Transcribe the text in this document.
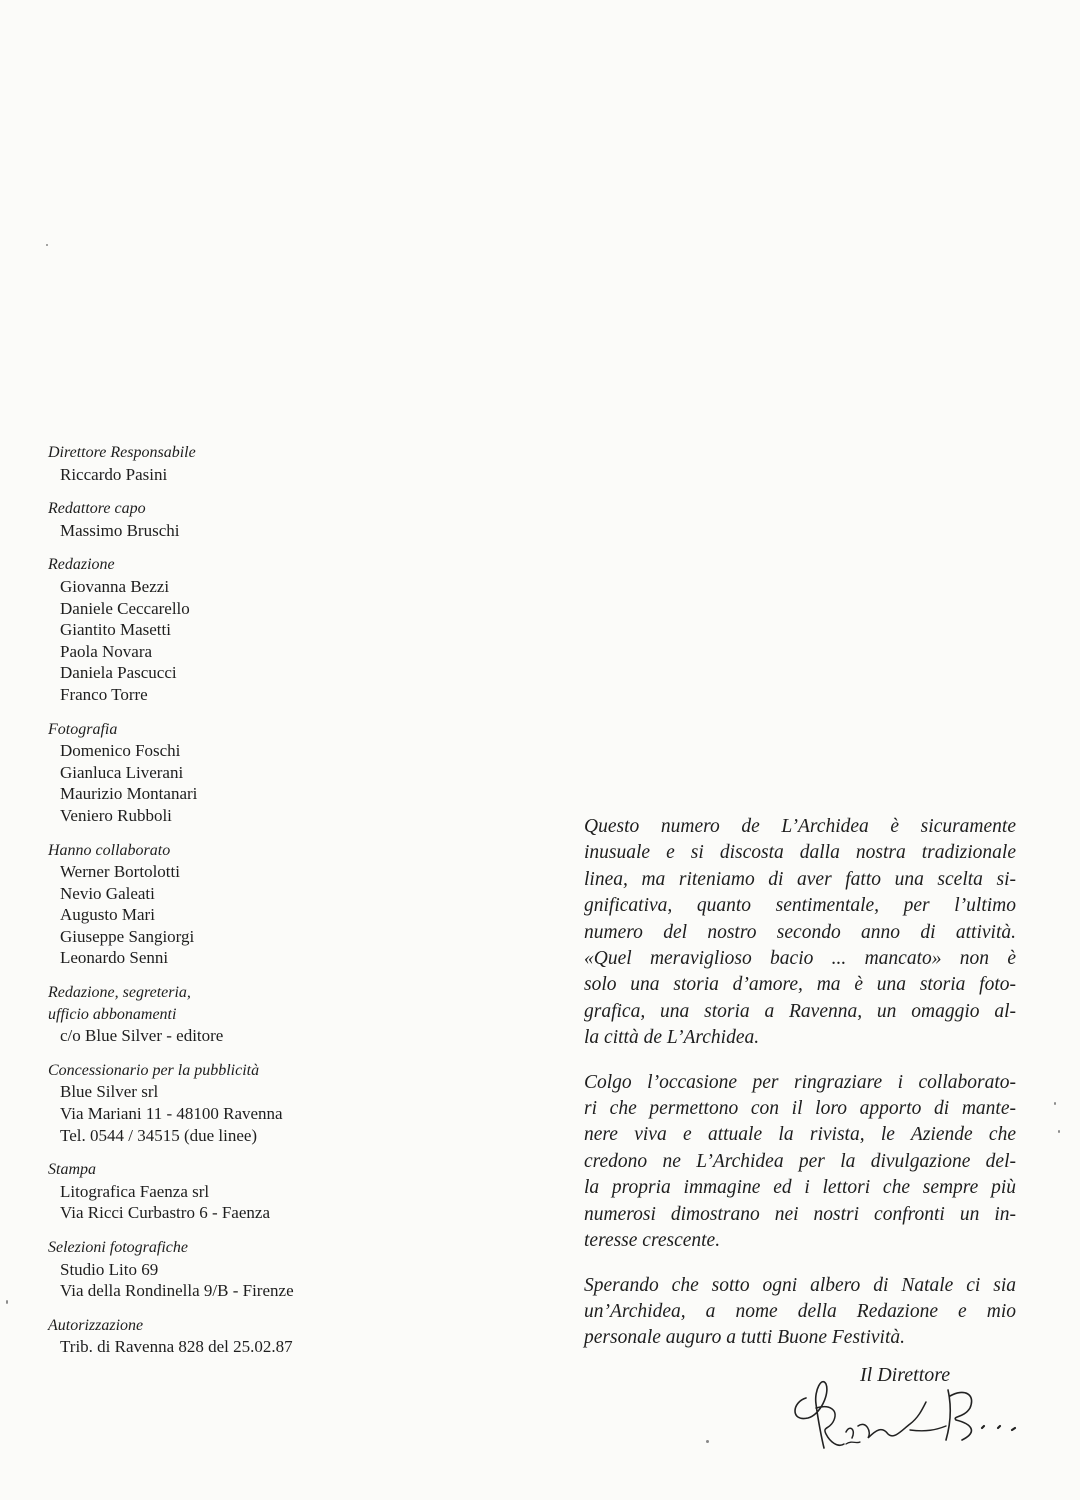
Direttore Responsabile

Riccardo Pasini

Redattore capo

Massimo Bruschi

Redazione

Giovanna Bezzi

Daniele Ceccarello

Giantito Masetti

Paola Novara

Daniela Pascucci

Franco Torre

Fotografia

Domenico Foschi

Gianluca Liverani

Maurizio Montanari

Veniero Rubboli

Hanno collaborato

Werner Bortolotti

Nevio Galeati

Augusto Mari

Giuseppe Sangiorgi

Leonardo Senni

Redazione, segreteria,

ufficio abbonamenti

c/o Blue Silver - editore

Concessionario per la pubblicità

Blue Silver srl

Via Mariani 11 - 48100 Ravenna

Tel. 0544 / 34515 (due linee)

Stampa

Litografica Faenza srl

Via Ricci Curbastro 6 - Faenza

Selezioni fotografiche

Studio Lito 69

Via della Rondinella 9/B - Firenze

Autorizzazione

Trib. di Ravenna 828 del 25.02.87

Questo numero de L’Archidea è sicuramente
inusuale e si discosta dalla nostra tradizionale
linea, ma riteniamo di aver fatto una scelta si-
gnificativa, quanto sentimentale, per l’ultimo
numero del nostro secondo anno di attività.
«Quel meraviglioso bacio ... mancato» non è
solo una storia d’amore, ma è una storia foto-
grafica, una storia a Ravenna, un omaggio al-
la città de L’Archidea.

Colgo l’occasione per ringraziare i collaborato-
ri che permettono con il loro apporto di mante-
nere viva e attuale la rivista, le Aziende che
credono ne L’Archidea per la divulgazione del-
la propria immagine ed i lettori che sempre più
numerosi dimostrano nei nostri confronti un in-
teresse crescente.

Sperando che sotto ogni albero di Natale ci sia
un’Archidea, a nome della Redazione e mio
personale auguro a tutti Buone Festività.

Il Direttore
